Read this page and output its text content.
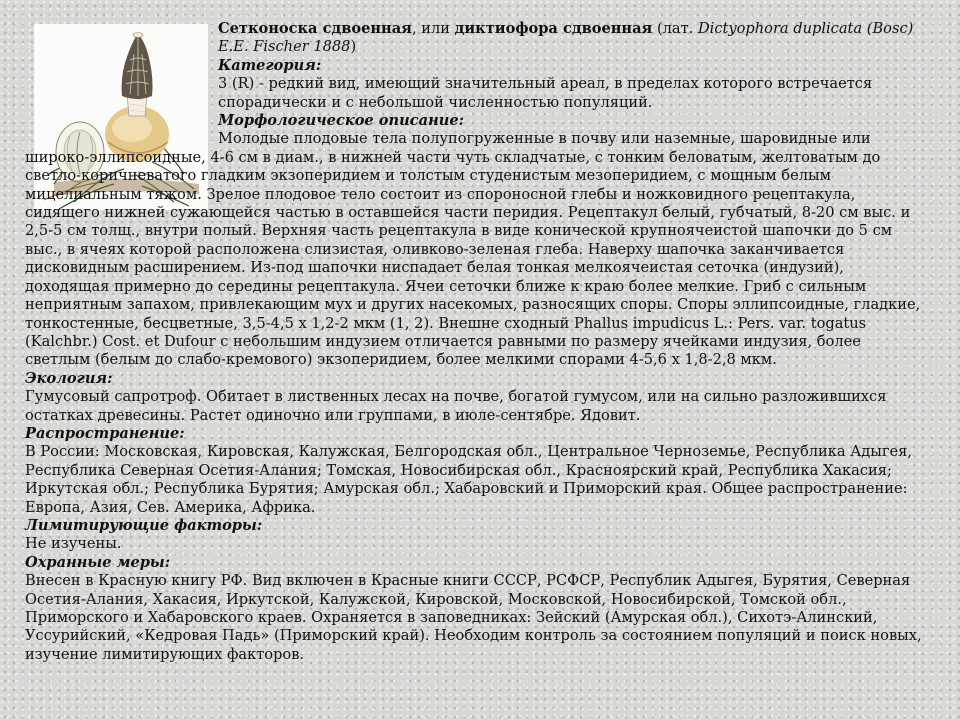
Сетконоска сдвоенная, или диктиофора сдвоенная (лат. Dictyophora duplicata (Bosc) E.E. Fischer 1888)

Категория:

3 (R) - редкий вид, имеющий значительный ареал, в пределах которого встречается спорадически и с небольшой численностью популяций.

Морфологическое описание:

Молодые плодовые тела полупогруженные в почву или наземные, шаровидные или широко-эллипсоидные, 4-6 см в диам., в нижней части чуть складчатые, с тонким беловатым, желтоватым до светло-коричневатого гладким экзоперидием и толстым студенистым мезоперидием, с мощным белым мицелиальным тяжом. Зрелое плодовое тело состоит из спороносной глебы и ножковидного рецептакула, сидящего нижней сужающейся частью в оставшейся части перидия. Рецептакул белый, губчатый, 8-20 см выс. и 2,5-5 см толщ., внутри полый. Верхняя часть рецептакула в виде конической крупноячеистой шапочки до 5 см выс., в ячеях которой расположена слизистая, оливково-зеленая глеба. Наверху шапочка заканчивается дисковидным расширением. Из-под шапочки ниспадает белая тонкая мелкоячеистая сеточка (индузий), доходящая примерно до середины рецептакула. Ячеи сеточки ближе к краю более мелкие. Гриб с сильным неприятным запахом, привлекающим мух и других насекомых, разносящих споры. Споры эллипсоидные, гладкие, тонкостенные, бесцветные, 3,5-4,5 x 1,2-2 мкм (1, 2). Внешне сходный Phallus impudicus L.: Pers. var. togatus (Kalchbr.) Cost. et Dufour с небольшим индузием отличается равными по размеру ячейками индузия, более светлым (белым до слабо-кремового) экзоперидием, более мелкими спорами 4-5,6 x 1,8-2,8 мкм.

Экология:

Гумусовый сапротроф. Обитает в лиственных лесах на почве, богатой гумусом, или на сильно разложившихся остатках древесины. Растет одиночно или группами, в июле-сентябре. Ядовит.

Распространение:

В России: Московская, Кировская, Калужская, Белгородская обл., Центральное Черноземье, Республика Адыгея, Республика Северная Осетия-Алания; Томская, Новосибирская обл., Красноярский край, Республика Хакасия; Иркутская обл.; Республика Бурятия; Амурская обл.; Хабаровский и Приморский края. Общее распространение: Европа, Азия, Сев. Америка, Африка.

Лимитирующие факторы:

Не изучены.

Охранные меры:

Внесен в Красную книгу РФ. Вид включен в Красные книги СССР, РСФСР, Республик Адыгея, Бурятия, Северная Осетия-Алания, Хакасия, Иркутской, Калужской, Кировской, Московской, Новосибирской, Томской обл., Приморского и Хабаровского краев. Охраняется в заповедниках: Зейский (Амурская обл.), Сихотэ-Алинский, Уссурийский, «Кедровая Падь» (Приморский край). Необходим контроль за состоянием популяций и поиск новых, изучение лимитирующих факторов.
